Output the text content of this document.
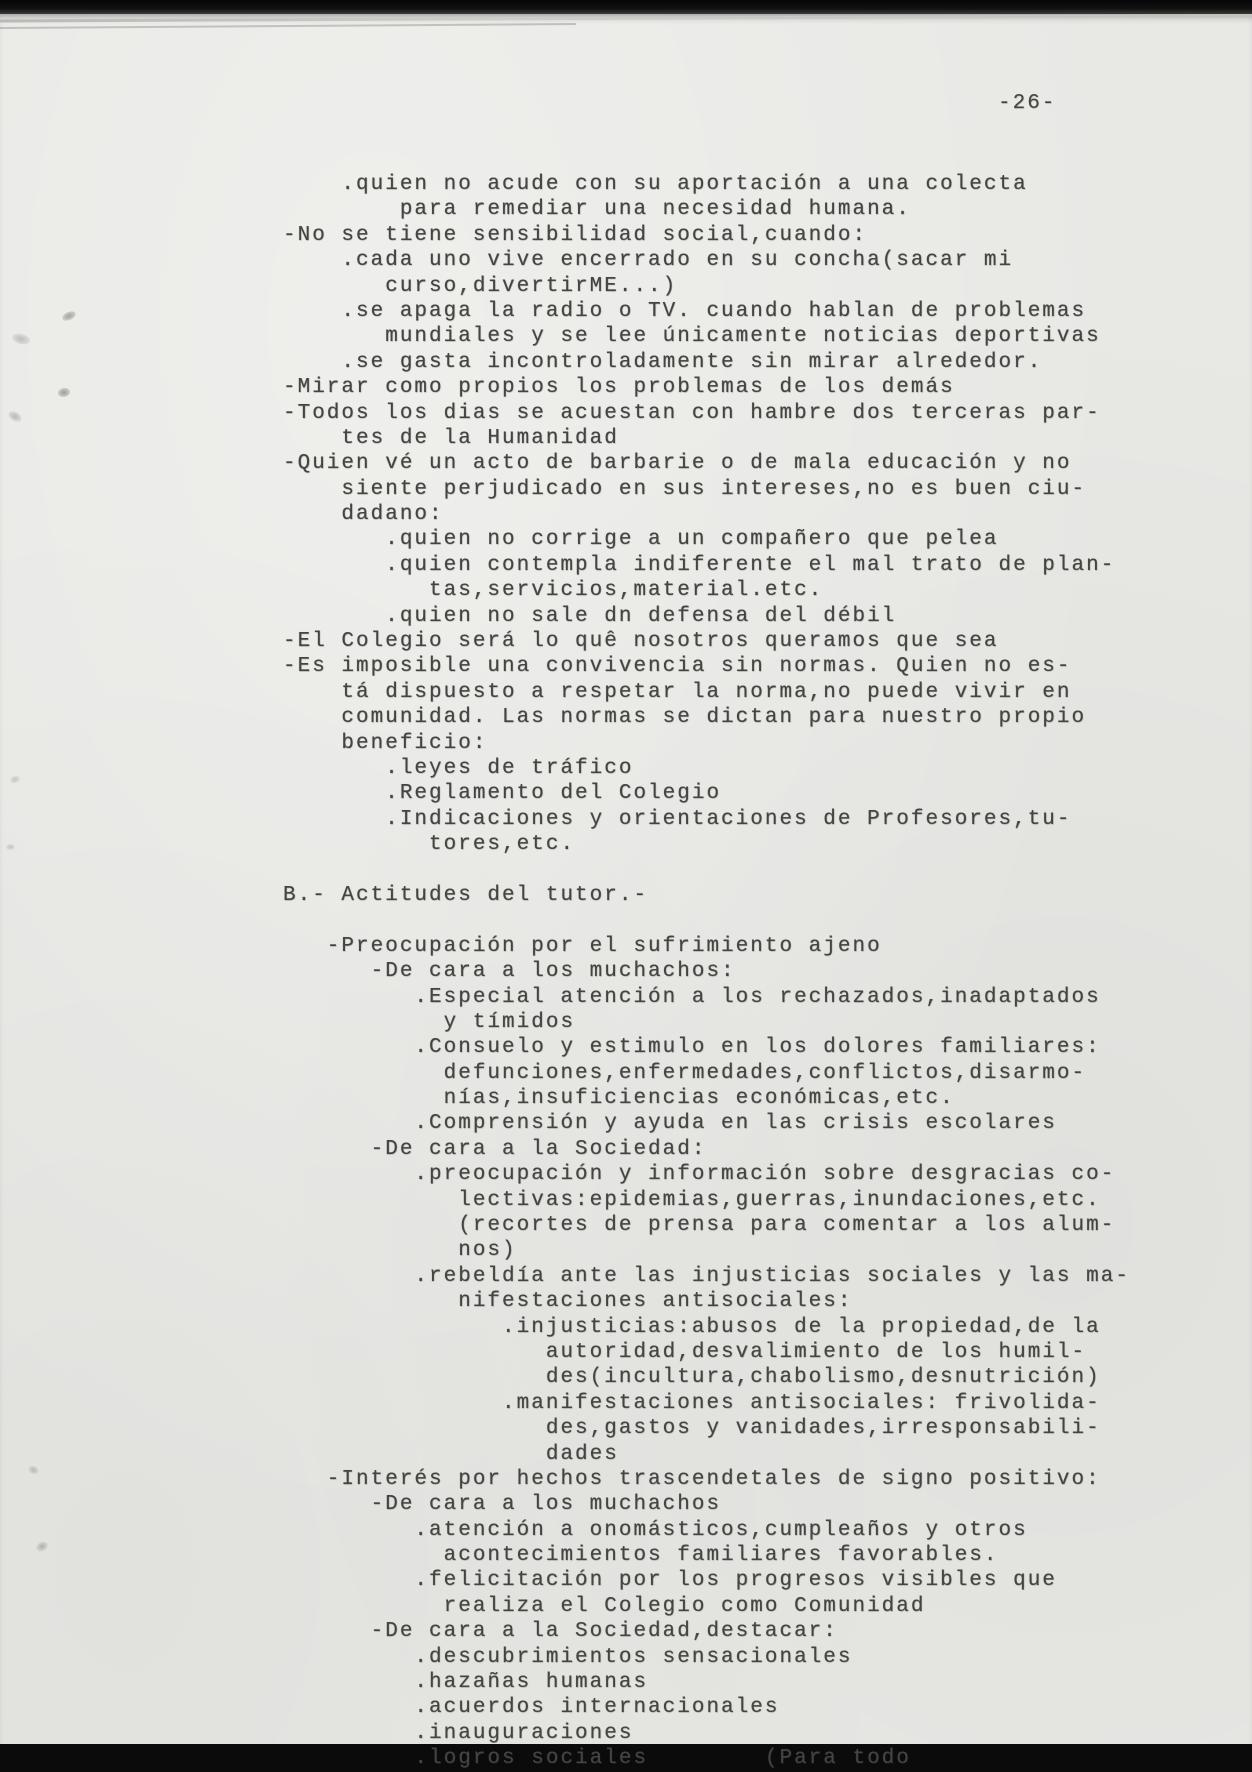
-26-
.quien no acude con su aportación a una colecta
para remediar una necesidad humana.
-No se tiene sensibilidad social,cuando:
.cada uno vive encerrado en su concha(sacar mi
curso,divertirME...)
.se apaga la radio o TV. cuando hablan de problemas
mundiales y se lee únicamente noticias deportivas
.se gasta incontroladamente sin mirar alrededor.
-Mirar como propios los problemas de los demás
-Todos los dias se acuestan con hambre dos terceras par-
tes de la Humanidad
-Quien vé un acto de barbarie o de mala educación y no
siente perjudicado en sus intereses,no es buen ciu-
dadano:
.quien no corrige a un compañero que pelea
.quien contempla indiferente el mal trato de plan-
tas,servicios,material.etc.
.quien no sale dn defensa del débil
-El Colegio será lo quê nosotros queramos que sea
-Es imposible una convivencia sin normas. Quien no es-
tá dispuesto a respetar la norma,no puede vivir en
comunidad. Las normas se dictan para nuestro propio
beneficio:
.leyes de tráfico
.Reglamento del Colegio
.Indicaciones y orientaciones de Profesores,tu-
tores,etc.
B.- Actitudes del tutor.-
-Preocupación por el sufrimiento ajeno
-De cara a los muchachos:
.Especial atención a los rechazados,inadaptados
y tímidos
.Consuelo y estimulo en los dolores familiares:
defunciones,enfermedades,conflictos,disarmo-
nías,insuficiencias económicas,etc.
.Comprensión y ayuda en las crisis escolares
-De cara a la Sociedad:
.preocupación y información sobre desgracias co-
lectivas:epidemias,guerras,inundaciones,etc.
(recortes de prensa para comentar a los alum-
nos)
.rebeldía ante las injusticias sociales y las ma-
nifestaciones antisociales:
.injusticias:abusos de la propiedad,de la
autoridad,desvalimiento de los humil-
des(incultura,chabolismo,desnutrición)
.manifestaciones antisociales: frivolida-
des,gastos y vanidades,irresponsabili-
dades
-Interés por hechos trascendetales de signo positivo:
-De cara a los muchachos
.atención a onomásticos,cumpleaños y otros
acontecimientos familiares favorables.
.felicitación por los progresos visibles que
realiza el Colegio como Comunidad
-De cara a la Sociedad,destacar:
.descubrimientos sensacionales
.hazañas humanas
.acuerdos internacionales
.inauguraciones
.logros sociales        (Para todo
